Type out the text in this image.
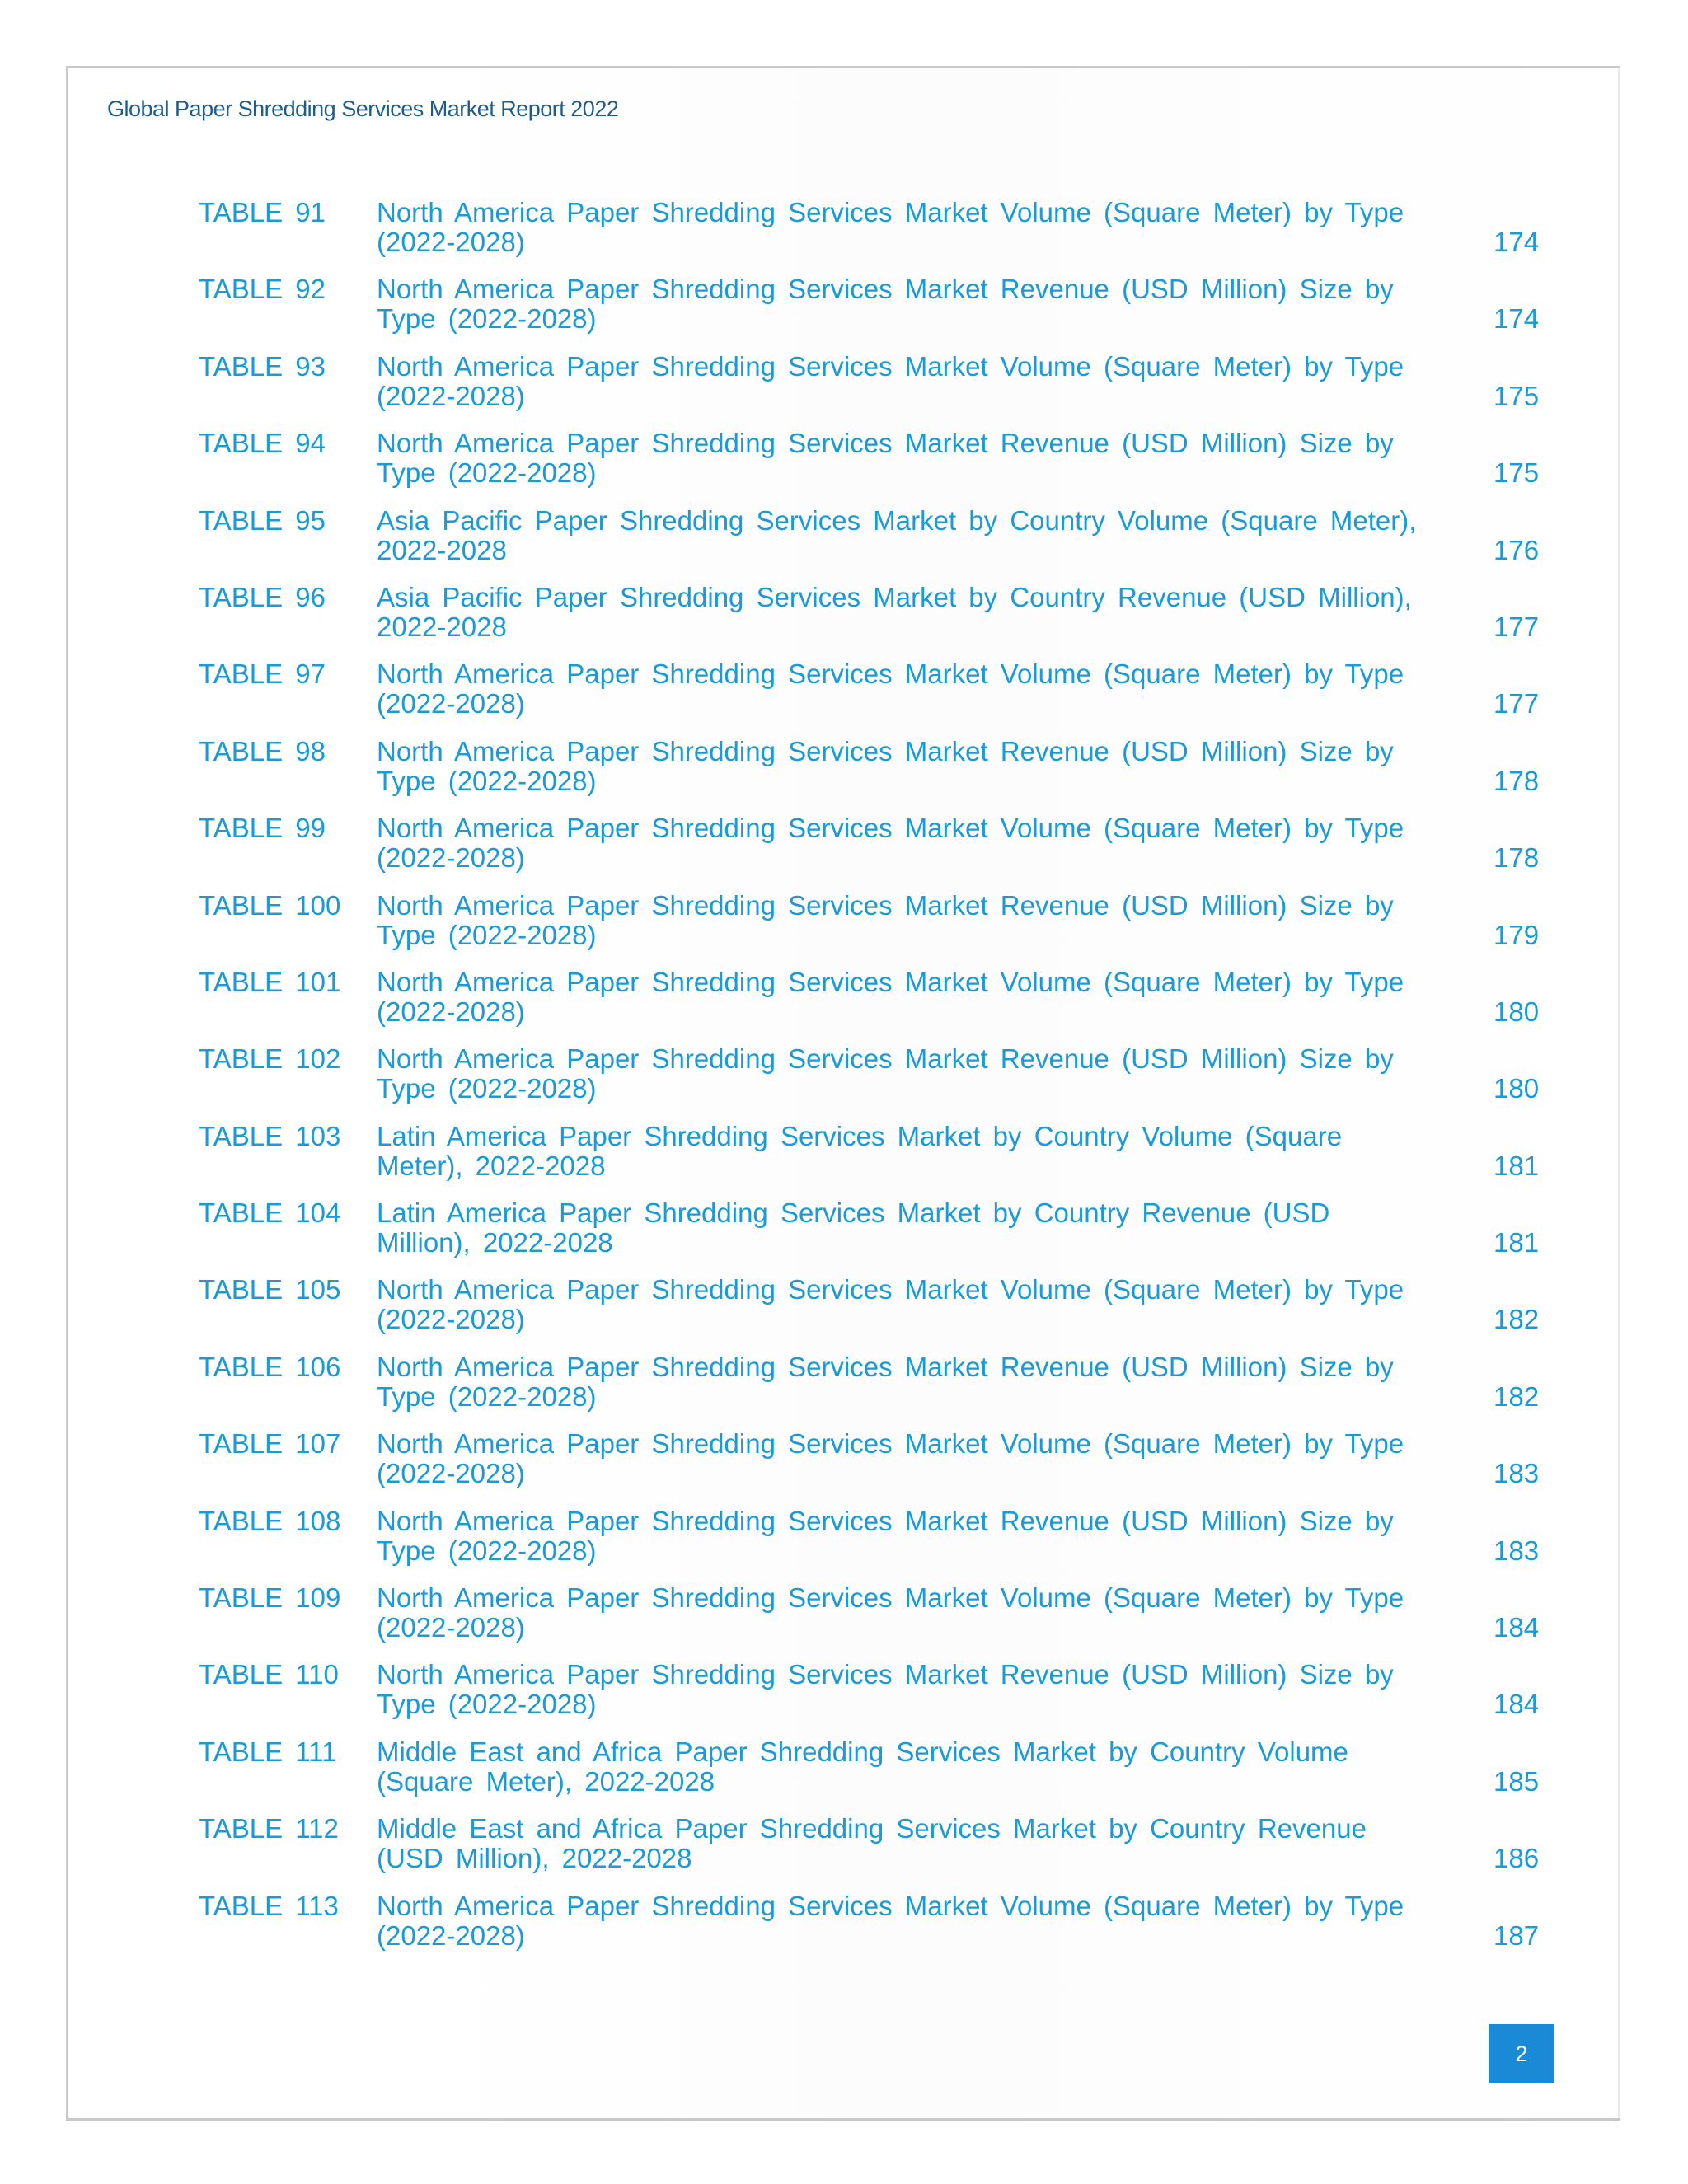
Global Paper Shredding Services Market Report 2022
TABLE 91 North America Paper Shredding Services Market Volume (Square Meter) by Type
(2022-2028)	174
TABLE 92 North America Paper Shredding Services Market Revenue (USD Million) Size by
Type (2022-2028)	174
TABLE 93 North America Paper Shredding Services Market Volume (Square Meter) by Type
(2022-2028)	175
TABLE 94 North America Paper Shredding Services Market Revenue (USD Million) Size by
Type (2022-2028)	175
TABLE 95 Asia Pacific Paper Shredding Services Market by Country Volume (Square Meter),
2022-2028	176
TABLE 96 Asia Pacific Paper Shredding Services Market by Country Revenue (USD Million),
2022-2028	177
TABLE 97 North America Paper Shredding Services Market Volume (Square Meter) by Type
(2022-2028)	177
TABLE 98 North America Paper Shredding Services Market Revenue (USD Million) Size by
Type (2022-2028)	178
TABLE 99 North America Paper Shredding Services Market Volume (Square Meter) by Type
(2022-2028)	178
TABLE 100 North America Paper Shredding Services Market Revenue (USD Million) Size by
Type (2022-2028)	179
TABLE 101 North America Paper Shredding Services Market Volume (Square Meter) by Type
(2022-2028)	180
TABLE 102 North America Paper Shredding Services Market Revenue (USD Million) Size by
Type (2022-2028)	180
TABLE 103 Latin America Paper Shredding Services Market by Country Volume (Square
Meter), 2022-2028	181
TABLE 104 Latin America Paper Shredding Services Market by Country Revenue (USD
Million), 2022-2028	181
TABLE 105 North America Paper Shredding Services Market Volume (Square Meter) by Type
(2022-2028)	182
TABLE 106 North America Paper Shredding Services Market Revenue (USD Million) Size by
Type (2022-2028)	182
TABLE 107 North America Paper Shredding Services Market Volume (Square Meter) by Type
(2022-2028)	183
TABLE 108 North America Paper Shredding Services Market Revenue (USD Million) Size by
Type (2022-2028)	183
TABLE 109 North America Paper Shredding Services Market Volume (Square Meter) by Type
(2022-2028)	184
TABLE 110 North America Paper Shredding Services Market Revenue (USD Million) Size by
Type (2022-2028)	184
TABLE 111 Middle East and Africa Paper Shredding Services Market by Country Volume
(Square Meter), 2022-2028	185
TABLE 112 Middle East and Africa Paper Shredding Services Market by Country Revenue
(USD Million), 2022-2028	186
TABLE 113 North America Paper Shredding Services Market Volume (Square Meter) by Type
(2022-2028)	187
2
